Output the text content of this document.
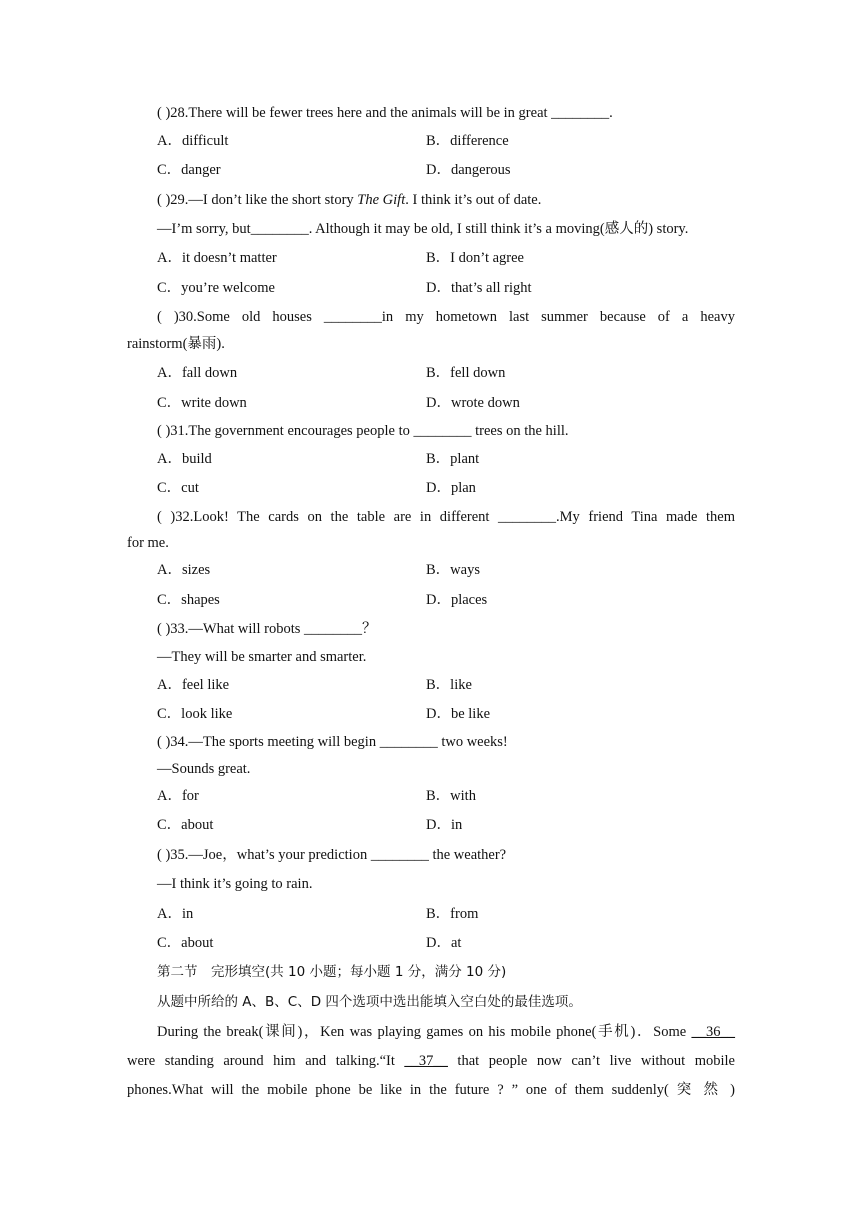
( )28.There will be fewer trees here and the animals will be in great ________.
A．difficult	B．difference
C．danger	D．dangerous
( )29.—I don’t like the short story The Gift. I think it’s out of date.
—I’m sorry, but________. Although it may be old, I still think it’s a moving(感人的) story.
A．it doesn’t matter	B．I don’t agree
C．you’re welcome	D．that’s all right
( )30.Some old houses ________in my hometown last summer because of a heavy
rainstorm(暴雨).
A．fall down	B．fell down
C．write down	D．wrote down
( )31.The government encourages people to ________ trees on the hill.
A．build	B．plant
C．cut	D．plan
( )32.Look! The cards on the table are in different ________.My friend Tina made them
for me.
A．sizes	B．ways
C．shapes	D．places
( )33.—What will robots ________？
—They will be smarter and smarter.
A．feel like	B．like
C．look like	D．be like
( )34.—The sports meeting will begin ________ two weeks!
—Sounds great.
A．for	B．with
C．about	D．in
( )35.—Joe，what’s your prediction ________ the weather?
—I think it’s going to rain.
A．in	B．from
C．about	D．at
第二节　完形填空(共 10 小题；每小题 1 分，满分 10 分)
从题中所给的 A、B、C、D 四个选项中选出能填入空白处的最佳选项。
During the break(课间)，Ken was playing games on his mobile phone(手机)．Some __36__
were standing around him and talking.“It __37__ that people now can’t live without mobile
phones.What will the mobile phone be like in the future ? ” one of them suddenly( 突 然 )
